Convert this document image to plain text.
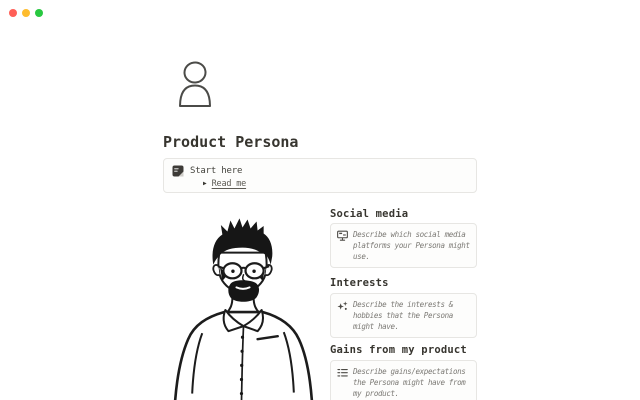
Product Persona
Start here
▶ Read me
Social media
Describe which social media platforms your Persona might use.
Interests
Describe the interests & hobbies that the Persona might have.
Gains from my product
Describe gains/expectations the Persona might have from my product.
